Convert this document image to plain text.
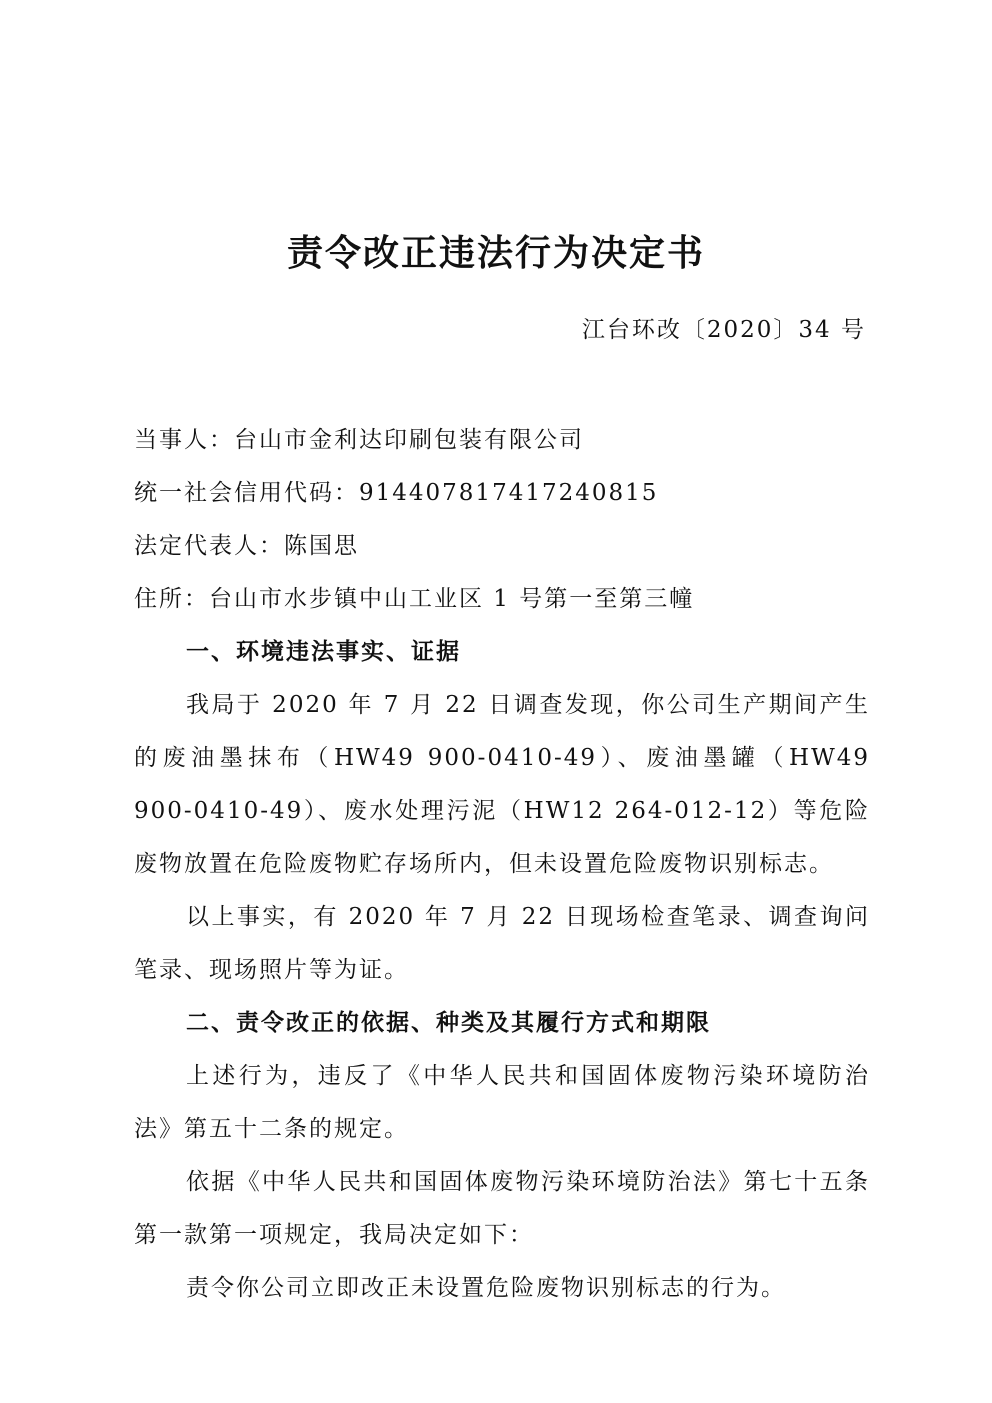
责令改正违法行为决定书
江台环改〔2020〕34 号

当事人：台山市金利达印刷包装有限公司

统一社会信用代码：914407817417240815

法定代表人：陈国思

住所：台山市水步镇中山工业区 1 号第一至第三幢

一、环境违法事实、证据

我局于 2020 年 7 月 22 日调查发现，你公司生产期间产生的废油墨抹布（HW49 900-0410-49）、废油墨罐（HW49 900-0410-49）、废水处理污泥（HW12 264-012-12）等危险废物放置在危险废物贮存场所内，但未设置危险废物识别标志。

以上事实，有 2020 年 7 月 22 日现场检查笔录、调查询问笔录、现场照片等为证。

二、责令改正的依据、种类及其履行方式和期限

上述行为，违反了《中华人民共和国固体废物污染环境防治法》第五十二条的规定。

依据《中华人民共和国固体废物污染环境防治法》第七十五条第一款第一项规定，我局决定如下：

责令你公司立即改正未设置危险废物识别标志的行为。
